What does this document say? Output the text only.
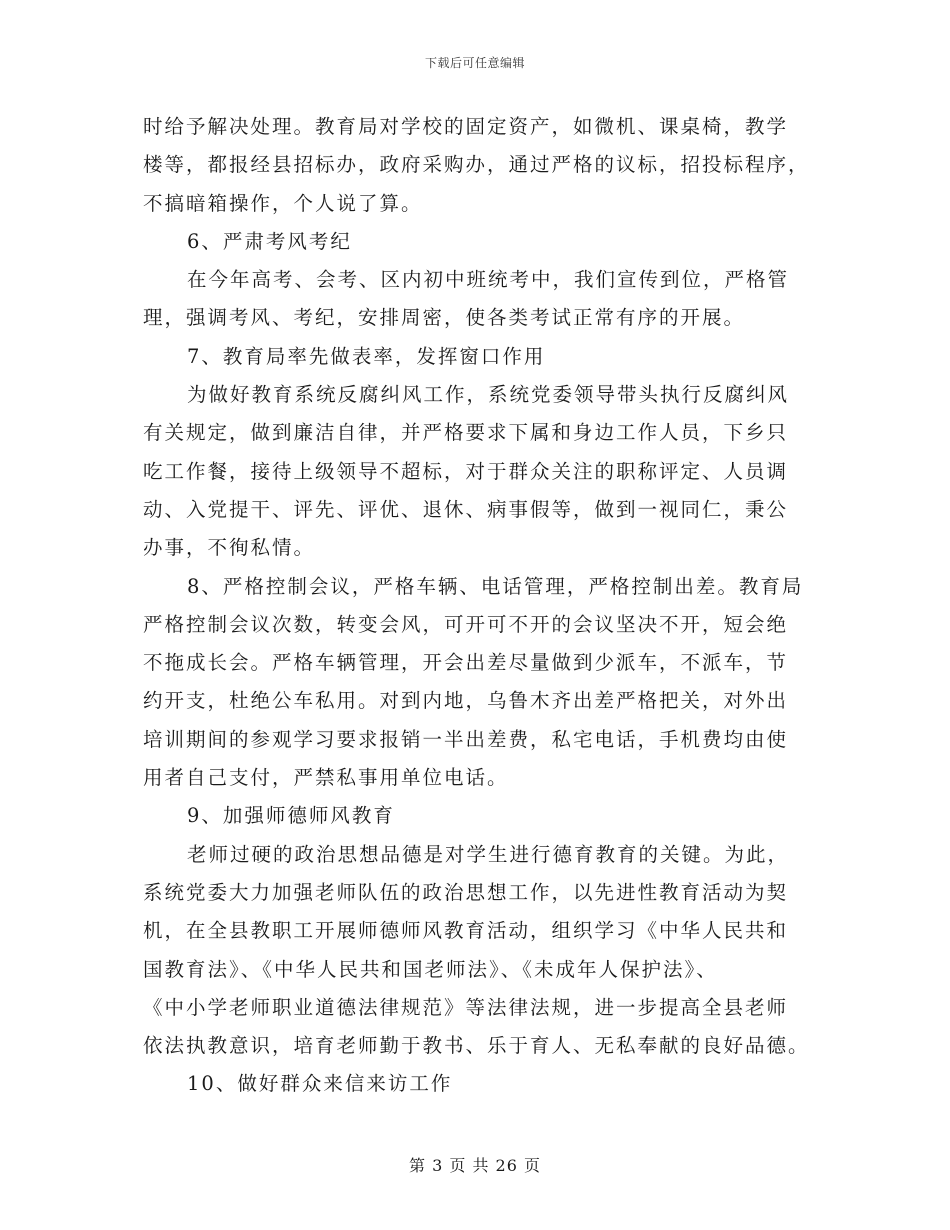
下载后可任意编辑
时给予解决处理。教育局对学校的固定资产，如微机、课桌椅，教学
楼等，都报经县招标办，政府采购办，通过严格的议标，招投标程序，
不搞暗箱操作，个人说了算。
6、严肃考风考纪
在今年高考、会考、区内初中班统考中，我们宣传到位，严格管
理，强调考风、考纪，安排周密，使各类考试正常有序的开展。
7、教育局率先做表率，发挥窗口作用
为做好教育系统反腐纠风工作，系统党委领导带头执行反腐纠风
有关规定，做到廉洁自律，并严格要求下属和身边工作人员，下乡只
吃工作餐，接待上级领导不超标，对于群众关注的职称评定、人员调
动、入党提干、评先、评优、退休、病事假等，做到一视同仁，秉公
办事，不徇私情。
8、严格控制会议，严格车辆、电话管理，严格控制出差。教育局
严格控制会议次数，转变会风，可开可不开的会议坚决不开，短会绝
不拖成长会。严格车辆管理，开会出差尽量做到少派车，不派车，节
约开支，杜绝公车私用。对到内地，乌鲁木齐出差严格把关，对外出
培训期间的参观学习要求报销一半出差费，私宅电话，手机费均由使
用者自己支付，严禁私事用单位电话。
9、加强师德师风教育
老师过硬的政治思想品德是对学生进行德育教育的关键。为此，
系统党委大力加强老师队伍的政治思想工作，以先进性教育活动为契
机，在全县教职工开展师德师风教育活动，组织学习《中华人民共和
国教育法》、《中华人民共和国老师法》、《未成年人保护法》、
《中小学老师职业道德法律规范》等法律法规，进一步提高全县老师
依法执教意识，培育老师勤于教书、乐于育人、无私奉献的良好品德。
10、做好群众来信来访工作
第 3 页 共 26 页
